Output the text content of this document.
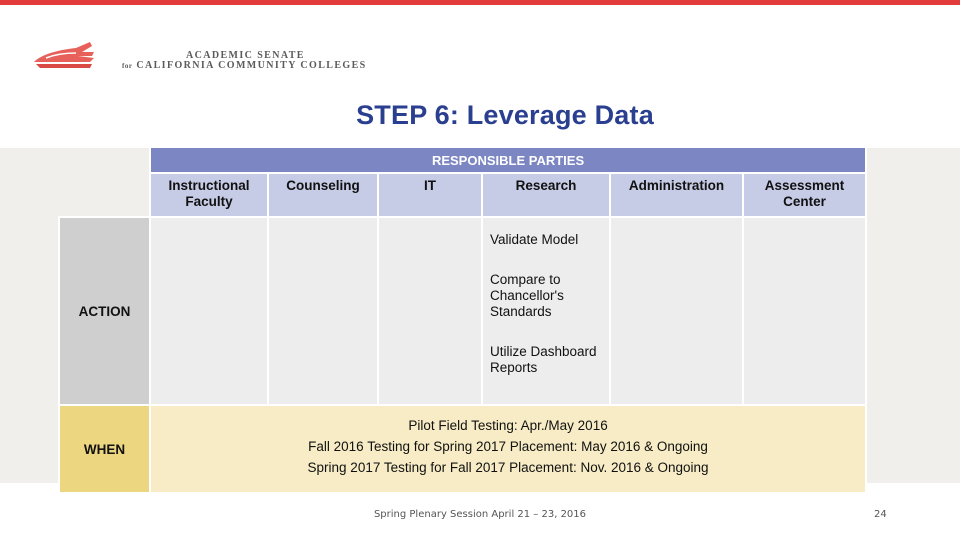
ACADEMIC SENATE
for CALIFORNIA COMMUNITY COLLEGES
STEP 6: Leverage Data
	RESPONSIBLE PARTIES					
	Instructional Faculty	Counseling	IT	Research	Administration	Assessment Center
ACTION				Validate Model
Compare to Chancellor's Standards
Utilize Dashboard Reports		

WHEN	Pilot Field Testing: Apr./May 2016
Fall 2016 Testing for Spring 2017 Placement: May 2016 & Ongoing
Spring 2017 Testing for Fall 2017 Placement: Nov. 2016 & Ongoing					
Spring Plenary Session April 21 – 23, 2016	24
